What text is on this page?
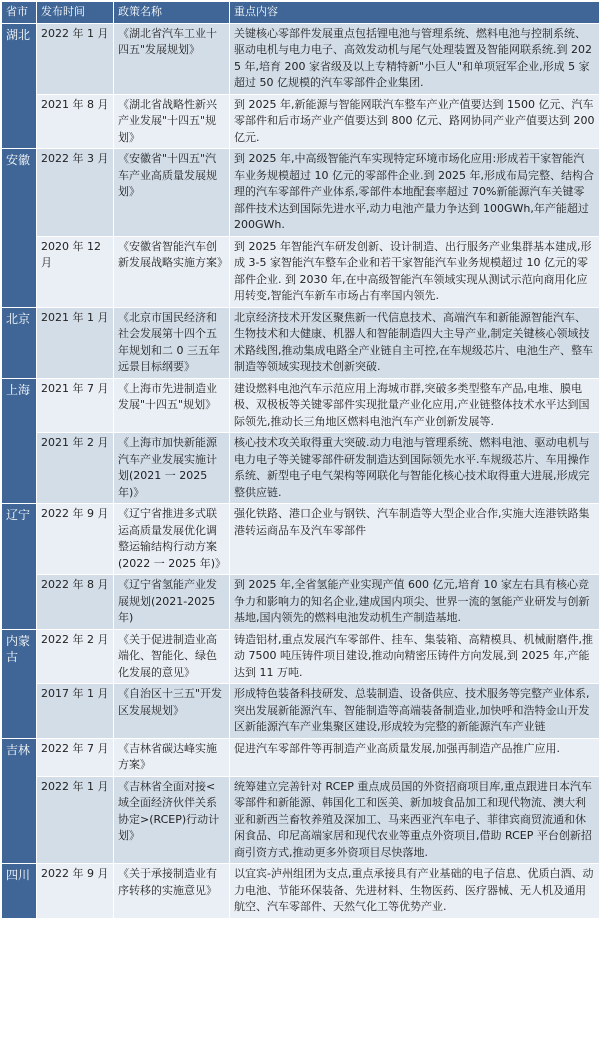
省市	发布时间	政策名称	重点内容
湖北	2022 年 1 月	《湖北省汽车工业十四五"发展规划》	关键核心零部件发展重点包括锂电池与管理系统、燃料电池与控制系统、驱动电机与电力电子、高效发动机与尾气处理装置及智能网联系统.到 2025 年,培育 200 家省级及以上专精特新"小巨人"和单项冠军企业,形成 5 家超过 50 亿规模的汽车零部件企业集团.
	2021 年 8 月	《湖北省战略性新兴产业发展"十四五"规划》	到 2025 年,新能源与智能网联汽车整车产业产值要达到 1500 亿元、汽车零部件和后市场产业产值要达到 800 亿元、路网协同产业产值要达到 200 亿元.
安徽	2022 年 3 月	《安徽省"十四五"汽车产业高质量发展规划》	到 2025 年,中高级智能汽车实现特定环境市场化应用:形成若干家智能汽车业务规模超过 10 亿元的零部件企业.到 2025 年,形成布局完整、结构合理的汽车零部件产业体系,零部件本地配套率超过 70%新能源汽车关键零部件技术达到国际先进水平,动力电池产量力争达到 100GWh,年产能超过 200GWh.
	2020 年 12 月	《安徽省智能汽车创新发展战略实施方案》	到 2025 年智能汽车研发创新、设计制造、出行服务产业集群基本建成,形成 3-5 家智能汽车整车企业和若干家智能汽车业务规模超过 10 亿元的零部件企业. 到 2030 年,在中高级智能汽车领域实现从测试示范向商用化应用转变,智能汽车新车市场占有率国内领先.
北京	2021 年 1 月	《北京市国民经济和社会发展第十四个五年规划和二 0 三五年远景目标纲要》	北京经济技术开发区聚焦新一代信息技术、高端汽车和新能源智能汽车、生物技术和大健康、机器人和智能制造四大主导产业,制定关键核心领域技术路线图,推动集成电路全产业链自主可控,在车规级芯片、电池生产、整车制造等领域实现技术创新突破.
上海	2021 年 7 月	《上海市先进制造业发展"十四五"规划》	建设燃料电池汽车示范应用上海城市群,突破多类型整车产品,电堆、膜电极、双极板等关键零部件实现批量产业化应用,产业链整体技术水平达到国际领先,推动长三角地区燃料电池汽车产业创新发展等.
	2021 年 2 月	《上海市加快新能源汽车产业发展实施计划(2021 一 2025 年)》	核心技术攻关取得重大突破.动力电池与管理系统、燃料电池、驱动电机与电力电子等关键零部件研发制造达到国际领先水平.车规级芯片、车用操作系统、新型电子电气架构等网联化与智能化核心技术取得重大进展,形成完整供应链.
辽宁	2022 年 9 月	《辽宁省推进多式联运高质量发展优化调整运输结构行动方案(2022 一 2025 年)》	强化铁路、港口企业与钢铁、汽车制造等大型企业合作,实施大连港铁路集港转运商品车及汽车零部件
	2022 年 8 月	《辽宁省氢能产业发展规划(2021-2025 年)	到 2025 年,全省氢能产业实现产值 600 亿元,培育 10 家左右具有核心竞争力和影响力的知名企业,建成国内项尖、世界一流的氢能产业研发与创新基地,国内领先的燃料电池发动机生产制造基地.
内蒙古	2022 年 2 月	《关于促进制造业高端化、智能化、绿色化发展的意见》	铸造铝材,重点发展汽车零部件、挂车、集装箱、高精模具、机械耐磨件,推动 7500 吨压铸件项目建设,推动向精密压铸件方向发展,到 2025 年,产能达到 11 万吨.
	2017 年 1 月	《自治区十三五"开发区发展规划》	形成特色装备科技研发、总装制造、设备供应、技术服务等完整产业体系,突出发展新能源汽车、智能制造等高端装备制造业,加快呼和浩特金山开发区新能源汽车产业集聚区建设,形成较为完整的新能源汽车产业链
吉林	2022 年 7 月	《吉林省碳达峰实施方案》	促进汽车零部件等再制造产业高质量发展,加强再制造产品推广应用.
	2022 年 1 月	《吉林省全面对接<域全面经济伙伴关系协定>(RCEP)行动计划》	统筹建立完善针对 RCEP 重点成员国的外资招商项目库,重点跟进日本汽车零部件和新能源、韩国化工和医美、新加坡食品加工和现代物流、澳大利亚和新西兰畜牧养殖及深加工、马来西亚汽车电子、菲律宾商贸流通和休闲食品、印尼高端家居和现代农业等重点外资项目,借助 RCEP 平台创新招商引资方式,推动更多外资项目尽快落地.
四川	2022 年 9 月	《关于承接制造业有序转移的实施意见》	以宜宾-泸州组团为支点,重点承接具有产业基础的电子信息、优质白酒、动力电池、节能环保装备、先进材料、生物医药、医疗器械、无人机及通用航空、汽车零部件、天然气化工等优势产业.
